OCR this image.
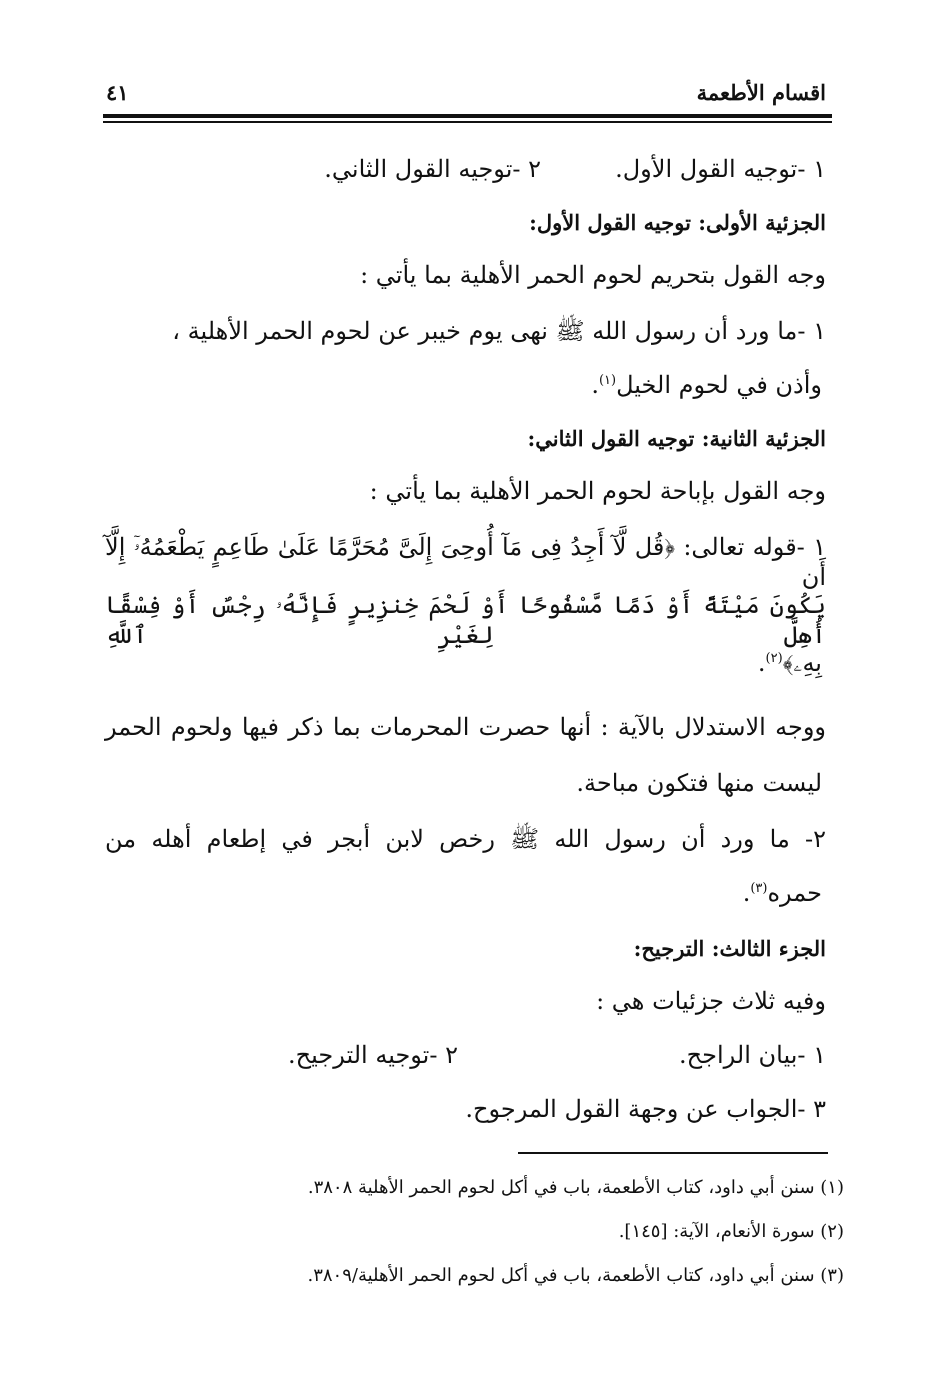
اقسام الأطعمة
٤١
١ -توجيه القول الأول.
٢ -توجيه القول الثاني.
الجزئية الأولى: توجيه القول الأول:
وجه القول بتحريم لحوم الحمر الأهلية بما يأتي :
١ -ما ورد أن رسول الله ﷺ نهى يوم خيبر عن لحوم الحمر الأهلية ،
وأذن في لحوم الخيل$^{(١)}$.
الجزئية الثانية: توجيه القول الثاني:
وجه القول بإباحة لحوم الحمر الأهلية بما يأتي :
١ -قوله تعالى: ﴿قُل لَّآ أَجِدُ فِى مَآ أُوحِىَ إِلَىَّ مُحَرَّمًا عَلَىٰ طَاعِمٍ يَطْعَمُهُۥٓ إِلَّآ أَن
يَكُونَ مَيْتَةً أَوْ دَمًا مَّسْفُوحًا أَوْ لَحْمَ خِنزِيرٍ فَإِنَّهُۥ رِجْسٌ أَوْ فِسْقًا أُهِلَّ لِغَيْرِ ٱللَّهِ
بِهِۦ﴾$^{(٢)}$.
ووجه الاستدلال بالآية : أنها حصرت المحرمات بما ذكر فيها ولحوم الحمر
ليست منها فتكون مباحة.
٢- ما ورد أن رسول الله ﷺ رخص لابن أبجر في إطعام أهله من
حمره$^{(٣)}$.
الجزء الثالث: الترجيح:
وفيه ثلاث جزئيات هي :
١ -بيان الراجح.
٢ -توجيه الترجيح.
٣ -الجواب عن وجهة القول المرجوح.
(١) سنن أبي داود، كتاب الأطعمة، باب في أكل لحوم الحمر الأهلية ٣٨٠٨.
(٢) سورة الأنعام، الآية: [١٤٥].
(٣) سنن أبي داود، كتاب الأطعمة، باب في أكل لحوم الحمر الأهلية/٣٨٠٩.
